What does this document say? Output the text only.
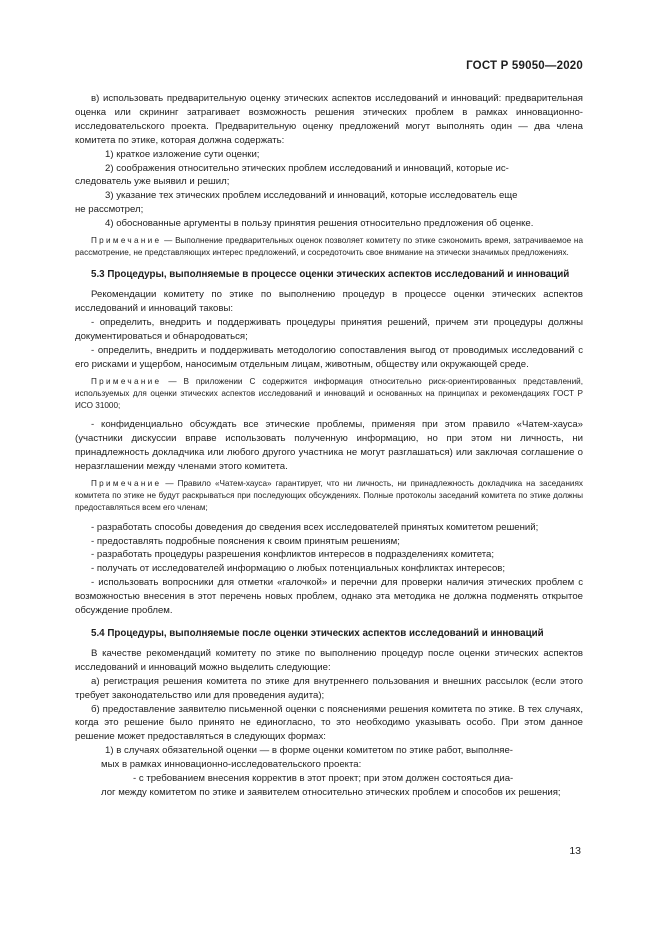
ГОСТ Р 59050—2020

в) использовать предварительную оценку этических аспектов исследований и инноваций: предварительная оценка или скрининг затрагивает возможность решения этических проблем в рамках инновационно-исследовательского проекта. Предварительную оценку предложений могут выполнять один — два члена комитета по этике, которая должна содержать:

1) краткое изложение сути оценки;

2) соображения относительно этических проблем исследований и инноваций, которые ис-

следователь уже выявил и решил;

3) указание тех этических проблем исследований и инноваций, которые исследователь еще

не рассмотрел;

4) обоснованные аргументы в пользу принятия решения относительно предложения об оценке.

Примечание — Выполнение предварительных оценок позволяет комитету по этике сэкономить время, затрачиваемое на рассмотрение, не представляющих интерес предложений, и сосредоточить свое внимание на этически значимых предложениях.

5.3 Процедуры, выполняемые в процессе оценки этических аспектов исследований и инноваций

Рекомендации комитету по этике по выполнению процедур в процессе оценки этических аспектов исследований и инноваций таковы:

- определить, внедрить и поддерживать процедуры принятия решений, причем эти процедуры должны документироваться и обнародоваться;

- определить, внедрить и поддерживать методологию сопоставления выгод от проводимых исследований с его рисками и ущербом, наносимым отдельным лицам, животным, обществу или окружающей среде.

Примечание — В приложении С содержится информация относительно риск-ориентированных представлений, используемых для оценки этических аспектов исследований и инноваций и основанных на принципах и рекомендациях ГОСТ Р ИСО 31000;

- конфиденциально обсуждать все этические проблемы, применяя при этом правило «Чатем-хауса» (участники дискуссии вправе использовать полученную информацию, но при этом ни личность, ни принадлежность докладчика или любого другого участника не могут разглашаться) или заключая соглашение о неразглашении между членами этого комитета.

Примечание — Правило «Чатем-хауса» гарантирует, что ни личность, ни принадлежность докладчика на заседаниях комитета по этике не будут раскрываться при последующих обсуждениях. Полные протоколы заседаний комитета по этике должны предоставляться всем его членам;

- разработать способы доведения до сведения всех исследователей принятых комитетом решений;

- предоставлять подробные пояснения к своим принятым решениям;

- разработать процедуры разрешения конфликтов интересов в подразделениях комитета;

- получать от исследователей информацию о любых потенциальных конфликтах интересов;

- использовать вопросники для отметки «галочкой» и перечни для проверки наличия этических проблем с возможностью внесения в этот перечень новых проблем, однако эта методика не должна подменять открытое обсуждение проблем.

5.4 Процедуры, выполняемые после оценки этических аспектов исследований и инноваций

В качестве рекомендаций комитету по этике по выполнению процедур после оценки этических аспектов исследований и инноваций можно выделить следующие:

а) регистрация решения комитета по этике для внутреннего пользования и внешних рассылок (если этого требует законодательство или для проведения аудита);

б) предоставление заявителю письменной оценки с пояснениями решения комитета по этике. В тех случаях, когда это решение было принято не единогласно, то это необходимо указывать особо. При этом данное решение может предоставляться в следующих формах:

1) в случаях обязательной оценки — в форме оценки комитетом по этике работ, выполняе-

мых в рамках инновационно-исследовательского проекта:

- с требованием внесения корректив в этот проект; при этом должен состояться диа-

лог между комитетом по этике и заявителем относительно этических проблем и способов их решения;

13
